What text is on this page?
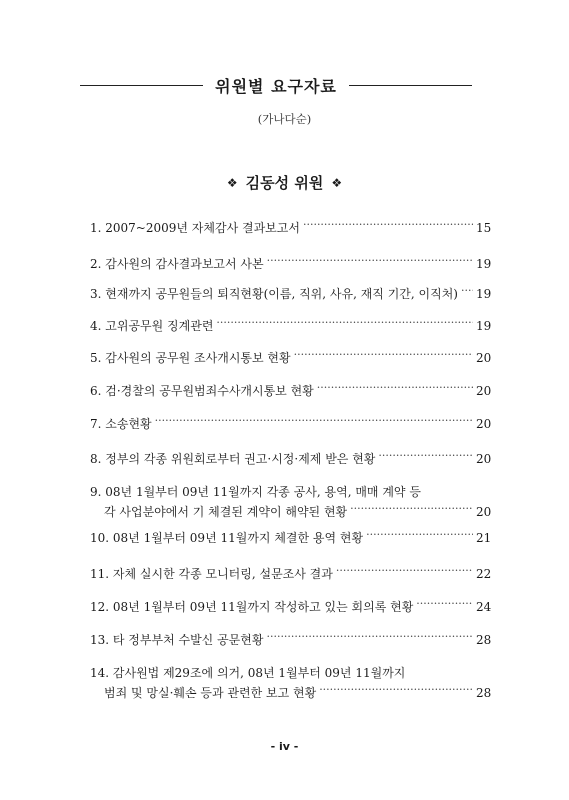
위원별 요구자료
(가나다순)
❖ 김동성 위원 ❖
1. 2007~2009년 자체감사 결과보고서 ·····	15
2. 감사원의 감사결과보고서 사본 ·····	19
3. 현재까지 공무원들의 퇴직현황(이름, 직위, 사유, 재직 기간, 이직처) ····· 19
4. 고위공무원 징계관련 ·····	19
5. 감사원의 공무원 조사개시통보 현황 ·····	20
6. 검·경찰의 공무원범죄수사개시통보 현황 ·····	20
7. 소송현황 ·····	20
8. 정부의 각종 위원회로부터 권고·시정·제제 받은 현황 ·····	20
9. 08년 1월부터 09년 11월까지 각종 공사, 용역, 매매 계약 등
각 사업분야에서 기 체결된 계약이 해약된 현황 ·····	20
10. 08년 1월부터 09년 11월까지 체결한 용역 현황 ·····	21
11. 자체 실시한 각종 모니터링, 설문조사 결과 ·····	22
12. 08년 1월부터 09년 11월까지 작성하고 있는 회의록 현황 ·····	24
13. 타 정부부처 수발신 공문현황 ·····	28
14. 감사원법 제29조에 의거, 08년 1월부터 09년 11월까지
범죄 및 망실·훼손 등과 관련한 보고 현황 ·····	28
- iv -
